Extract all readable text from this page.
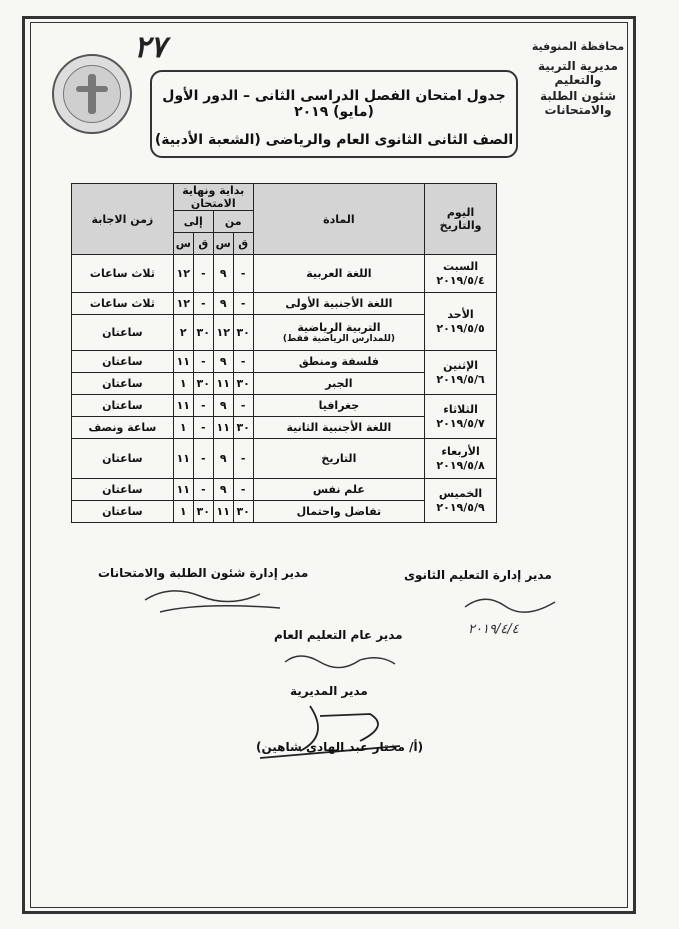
٢٧	محافظة المنوفية
مديرية التربية والتعليم
شئون الطلبة والامتحانات
جدول امتحان الفصل الدراسى الثانى – الدور الأول (مايو) ٢٠١٩
الصف الثانى الثانوى العام والرياضى (الشعبة الأدبية)
اليوم والتاريخ	المادة	بداية ونهاية الامتحان				زمن الاجابة
		من		إلى		
		ق	س	ق	س	

السبت
٢٠١٩/٥/٤	اللغة العربية	-	٩	-	١٢	ثلاث ساعات

الأحد
٢٠١٩/٥/٥	اللغة الأجنبية الأولى	-	٩	-	١٢	ثلاث ساعات

	التربية الرياضية
(للمدارس الرياضية فقط)	٣٠	١٢	٣٠	٢	ساعتان

الإثنين
٢٠١٩/٥/٦	فلسفة ومنطق	-	٩	-	١١	ساعتان
	الجبر	٣٠	١١	٣٠	١	ساعتان

الثلاثاء
٢٠١٩/٥/٧	جغرافيا	-	٩	-	١١	ساعتان
	اللغة الأجنبية الثانية	٣٠	١١	-	١	ساعة ونصف

الأربعاء
٢٠١٩/٥/٨	التاريخ	-	٩	-	١١	ساعتان

الخميس
٢٠١٩/٥/٩	علم نفس	-	٩	-	١١	ساعتان
	تفاضل واحتمال	٣٠	١١	٣٠	١	ساعتان
مدير إدارة التعليم الثانوى
مدير إدارة شئون الطلبة والامتحانات
٢٠١٩/٤/٤
مدير عام التعليم العام
مدير المديرية
(أ/ مختار عبد الهادى شاهين)
